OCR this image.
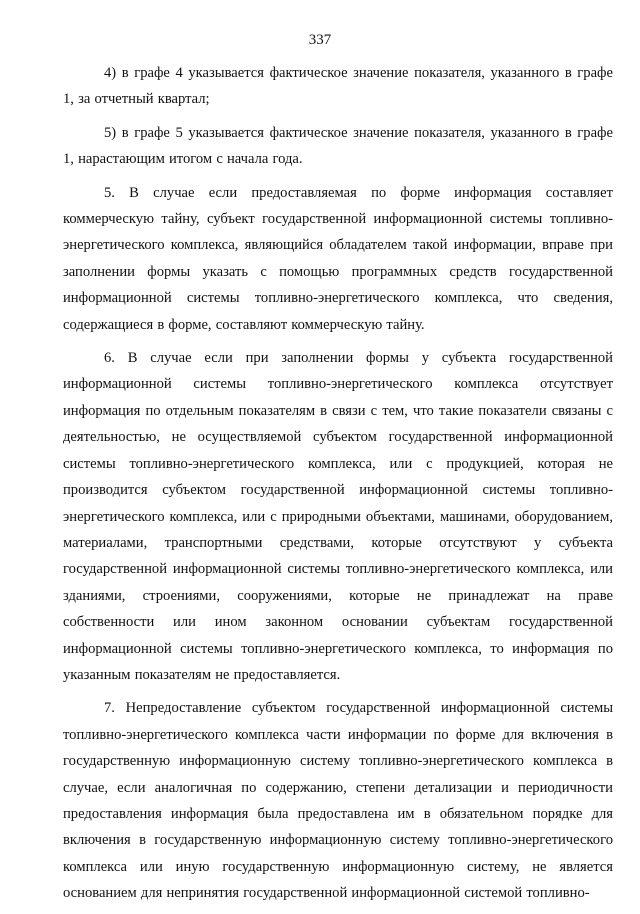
337

4) в графе 4 указывается фактическое значение показателя, указанного в графе 1, за отчетный квартал;

5) в графе 5 указывается фактическое значение показателя, указанного в графе 1, нарастающим итогом с начала года.

5. В случае если предоставляемая по форме информация составляет коммерческую тайну, субъект государственной информационной системы топливно-энергетического комплекса, являющийся обладателем такой информации, вправе при заполнении формы указать с помощью программных средств государственной информационной системы топливно-энергетического комплекса, что сведения, содержащиеся в форме, составляют коммерческую тайну.

6. В случае если при заполнении формы у субъекта государственной информационной системы топливно-энергетического комплекса отсутствует информация по отдельным показателям в связи с тем, что такие показатели связаны с деятельностью, не осуществляемой субъектом государственной информационной системы топливно-энергетического комплекса, или с продукцией, которая не производится субъектом государственной информационной системы топливно-энергетического комплекса, или с природными объектами, машинами, оборудованием, материалами, транспортными средствами, которые отсутствуют у субъекта государственной информационной системы топливно-энергетического комплекса, или зданиями, строениями, сооружениями, которые не принадлежат на праве собственности или ином законном основании субъектам государственной информационной системы топливно-энергетического комплекса, то информация по указанным показателям не предоставляется.

7. Непредоставление субъектом государственной информационной системы топливно-энергетического комплекса части информации по форме для включения в государственную информационную систему топливно-энергетического комплекса в случае, если аналогичная по содержанию, степени детализации и периодичности предоставления информация была предоставлена им в обязательном порядке для включения в государственную информационную систему топливно-энергетического комплекса или иную государственную информационную систему, не является основанием для непринятия государственной информационной системой топливно-
